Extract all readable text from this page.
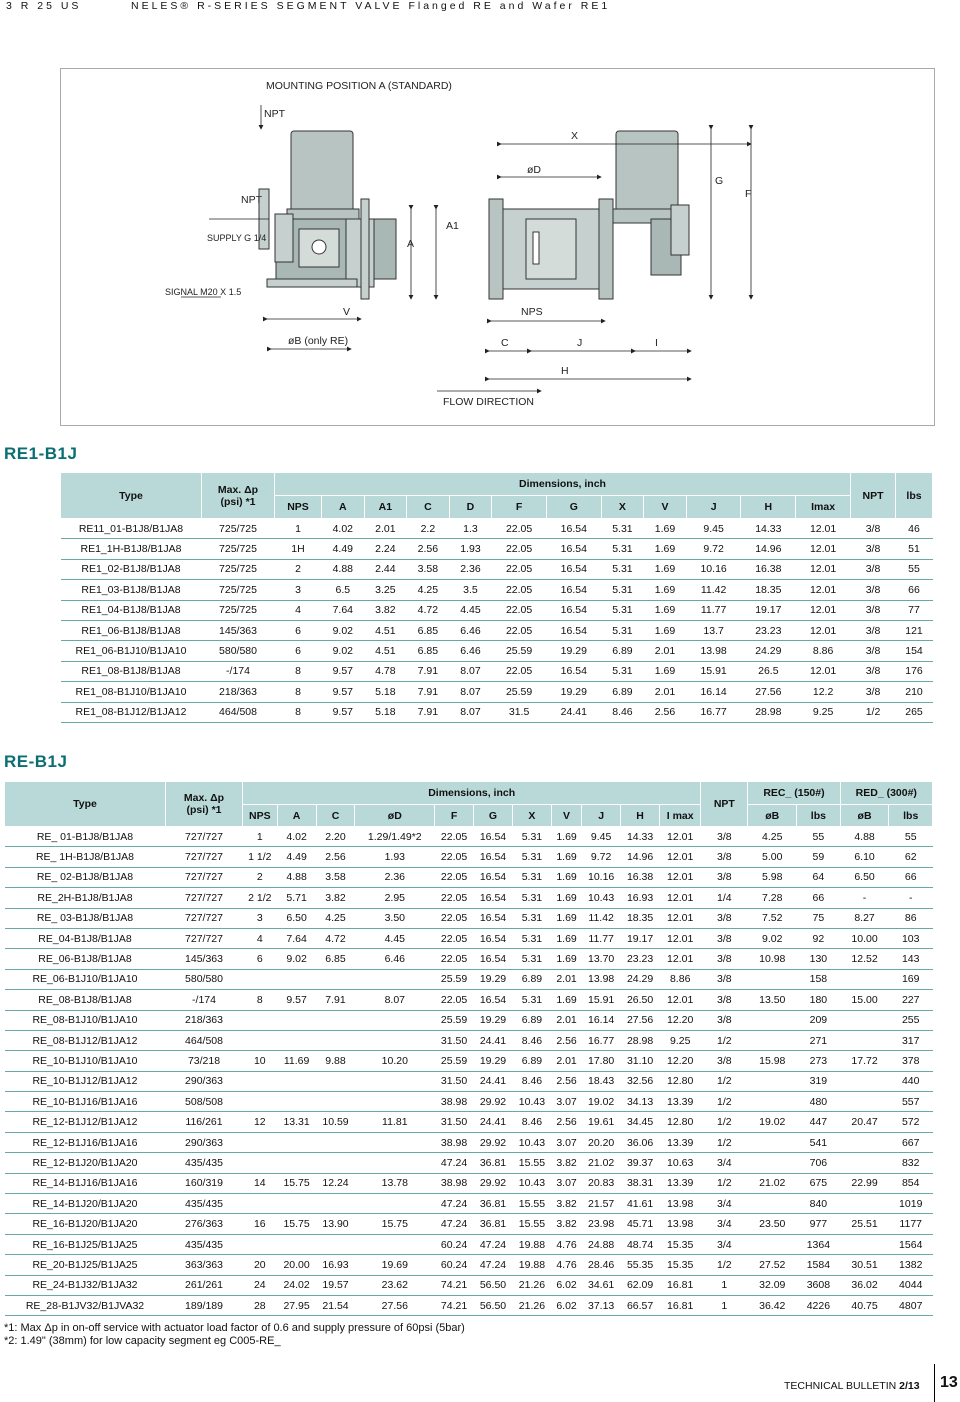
3 R 25 US	NELES® R-SERIES SEGMENT VALVE Flanged RE and Wafer RE1
MOUNTING POSITION A (STANDARD)
NPT
X
øD
G
F
NPT
SUPPLY G 1/4	A
A1
SIGNAL M20 X 1.5
V	NPS
øB (only RE)	C	J	I
H
FLOW DIRECTION
RE1-B1J
Type	Max. Δp
(psi) *1	Dimensions, inch												NPT	lbs
		NPS	A	A1	C	D	F	G	X	V	J	H	Imax		
RE11_01-B1J8/B1JA8	725/725	1	4.02	2.01	2.2	1.3	22.05	16.54	5.31	1.69	9.45	14.33	12.01	3/8	46
RE1_1H-B1J8/B1JA8	725/725	1H	4.49	2.24	2.56	1.93	22.05	16.54	5.31	1.69	9.72	14.96	12.01	3/8	51
RE1_02-B1J8/B1JA8	725/725	2	4.88	2.44	3.58	2.36	22.05	16.54	5.31	1.69	10.16	16.38	12.01	3/8	55
RE1_03-B1J8/B1JA8	725/725	3	6.5	3.25	4.25	3.5	22.05	16.54	5.31	1.69	11.42	18.35	12.01	3/8	66
RE1_04-B1J8/B1JA8	725/725	4	7.64	3.82	4.72	4.45	22.05	16.54	5.31	1.69	11.77	19.17	12.01	3/8	77
RE1_06-B1J8/B1JA8	145/363	6	9.02	4.51	6.85	6.46	22.05	16.54	5.31	1.69	13.7	23.23	12.01	3/8	121
RE1_06-B1J10/B1JA10	580/580	6	9.02	4.51	6.85	6.46	25.59	19.29	6.89	2.01	13.98	24.29	8.86	3/8	154
RE1_08-B1J8/B1JA8	-/174	8	9.57	4.78	7.91	8.07	22.05	16.54	5.31	1.69	15.91	26.5	12.01	3/8	176
RE1_08-B1J10/B1JA10	218/363	8	9.57	5.18	7.91	8.07	25.59	19.29	6.89	2.01	16.14	27.56	12.2	3/8	210
RE1_08-B1J12/B1JA12	464/508	8	9.57	5.18	7.91	8.07	31.5	24.41	8.46	2.56	16.77	28.98	9.25	1/2	265
RE-B1J
Type	Max. Δp
(psi) *1	Dimensions, inch											NPT	REC_ (150#)		RED_ (300#)	
		NPS	A	C	øD	F	G	X	V	J	H	I max		øB	lbs	øB	lbs
RE_ 01-B1J8/B1JA8	727/727	1	4.02	2.20	1.29/1.49*2	22.05	16.54	5.31	1.69	9.45	14.33	12.01	3/8	4.25	55	4.88	55
RE_ 1H-B1J8/B1JA8	727/727	1 1/2	4.49	2.56	1.93	22.05	16.54	5.31	1.69	9.72	14.96	12.01	3/8	5.00	59	6.10	62
RE_ 02-B1J8/B1JA8	727/727	2	4.88	3.58	2.36	22.05	16.54	5.31	1.69	10.16	16.38	12.01	3/8	5.98	64	6.50	66
RE_2H-B1J8/B1JA8	727/727	2 1/2	5.71	3.82	2.95	22.05	16.54	5.31	1.69	10.43	16.93	12.01	1/4	7.28	66	-	-
RE_ 03-B1J8/B1JA8	727/727	3	6.50	4.25	3.50	22.05	16.54	5.31	1.69	11.42	18.35	12.01	3/8	7.52	75	8.27	86
RE_04-B1J8/B1JA8	727/727	4	7.64	4.72	4.45	22.05	16.54	5.31	1.69	11.77	19.17	12.01	3/8	9.02	92	10.00	103
RE_06-B1J8/B1JA8	145/363	6	9.02	6.85	6.46	22.05	16.54	5.31	1.69	13.70	23.23	12.01	3/8	10.98	130	12.52	143
RE_06-B1J10/B1JA10	580/580					25.59	19.29	6.89	2.01	13.98	24.29	8.86	3/8		158		169
RE_08-B1J8/B1JA8	-/174	8	9.57	7.91	8.07	22.05	16.54	5.31	1.69	15.91	26.50	12.01	3/8	13.50	180	15.00	227
RE_08-B1J10/B1JA10	218/363					25.59	19.29	6.89	2.01	16.14	27.56	12.20	3/8		209		255
RE_08-B1J12/B1JA12	464/508					31.50	24.41	8.46	2.56	16.77	28.98	9.25	1/2		271		317
RE_10-B1J10/B1JA10	73/218	10	11.69	9.88	10.20	25.59	19.29	6.89	2.01	17.80	31.10	12.20	3/8	15.98	273	17.72	378
RE_10-B1J12/B1JA12	290/363					31.50	24.41	8.46	2.56	18.43	32.56	12.80	1/2		319		440
RE_10-B1J16/B1JA16	508/508					38.98	29.92	10.43	3.07	19.02	34.13	13.39	1/2		480		557
RE_12-B1J12/B1JA12	116/261	12	13.31	10.59	11.81	31.50	24.41	8.46	2.56	19.61	34.45	12.80	1/2	19.02	447	20.47	572
RE_12-B1J16/B1JA16	290/363					38.98	29.92	10.43	3.07	20.20	36.06	13.39	1/2		541		667
RE_12-B1J20/B1JA20	435/435					47.24	36.81	15.55	3.82	21.02	39.37	10.63	3/4		706		832
RE_14-B1J16/B1JA16	160/319	14	15.75	12.24	13.78	38.98	29.92	10.43	3.07	20.83	38.31	13.39	1/2	21.02	675	22.99	854
RE_14-B1J20/B1JA20	435/435					47.24	36.81	15.55	3.82	21.57	41.61	13.98	3/4		840		1019
RE_16-B1J20/B1JA20	276/363	16	15.75	13.90	15.75	47.24	36.81	15.55	3.82	23.98	45.71	13.98	3/4	23.50	977	25.51	1177
RE_16-B1J25/B1JA25	435/435					60.24	47.24	19.88	4.76	24.88	48.74	15.35	3/4		1364		1564
RE_20-B1J25/B1JA25	363/363	20	20.00	16.93	19.69	60.24	47.24	19.88	4.76	28.46	55.35	15.35	1/2	27.52	1584	30.51	1382
RE_24-B1J32/B1JA32	261/261	24	24.02	19.57	23.62	74.21	56.50	21.26	6.02	34.61	62.09	16.81	1	32.09	3608	36.02	4044
RE_28-B1JV32/B1JVA32	189/189	28	27.95	21.54	27.56	74.21	56.50	21.26	6.02	37.13	66.57	16.81	1	36.42	4226	40.75	4807
*1: Max Δp in on-off service with actuator load factor of 0.6 and supply pressure of 60psi (5bar)
*2: 1.49" (38mm) for low capacity segment eg C005-RE_
TECHNICAL BULLETIN 2/13 13
